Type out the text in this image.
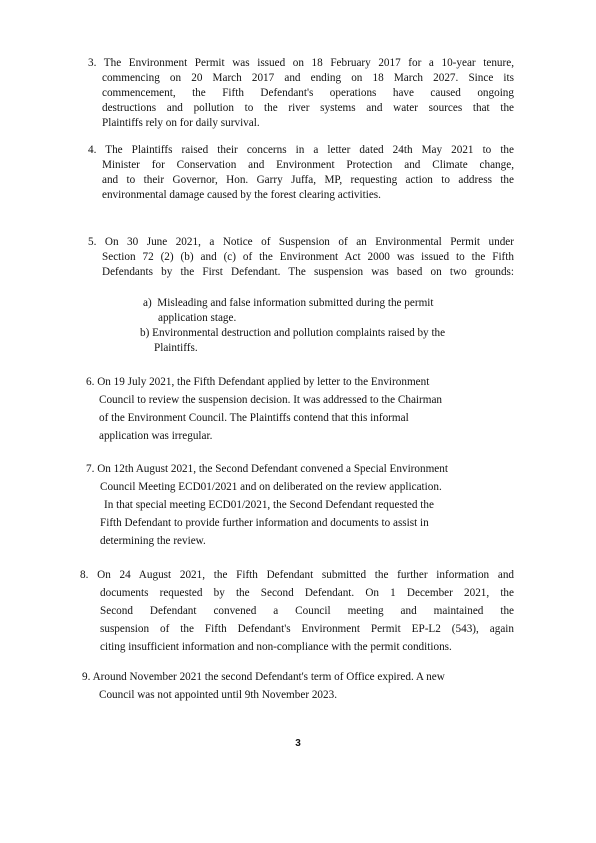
3. The Environment Permit was issued on 18 February 2017 for a 10-year tenure,
commencing on 20 March 2017 and ending on 18 March 2027. Since its
commencement, the Fifth Defendant's operations have caused ongoing
destructions and pollution to the river systems and water sources that the
Plaintiffs rely on for daily survival.
4. The Plaintiffs raised their concerns in a letter dated 24th May 2021 to the
Minister for Conservation and Environment Protection and Climate change,
and to their Governor, Hon. Garry Juffa, MP, requesting action to address the
environmental damage caused by the forest clearing activities.
5. On 30 June 2021, a Notice of Suspension of an Environmental Permit under
Section 72 (2) (b) and (c) of the Environment Act 2000 was issued to the Fifth
Defendants by the First Defendant. The suspension was based on two grounds:
a) Misleading and false information submitted during the permit
application stage.
b) Environmental destruction and pollution complaints raised by the
Plaintiffs.
6. On 19 July 2021, the Fifth Defendant applied by letter to the Environment
Council to review the suspension decision. It was addressed to the Chairman
of the Environment Council. The Plaintiffs contend that this informal
application was irregular.
7. On 12th August 2021, the Second Defendant convened a Special Environment
Council Meeting ECD01/2021 and on deliberated on the review application.
In that special meeting ECD01/2021, the Second Defendant requested the
Fifth Defendant to provide further information and documents to assist in
determining the review.
8. On 24 August 2021, the Fifth Defendant submitted the further information and
documents requested by the Second Defendant. On 1 December 2021, the
Second Defendant convened a Council meeting and maintained the
suspension of the Fifth Defendant's Environment Permit EP-L2 (543), again
citing insufficient information and non-compliance with the permit conditions.
9. Around November 2021 the second Defendant's term of Office expired. A new
Council was not appointed until 9th November 2023.
3
